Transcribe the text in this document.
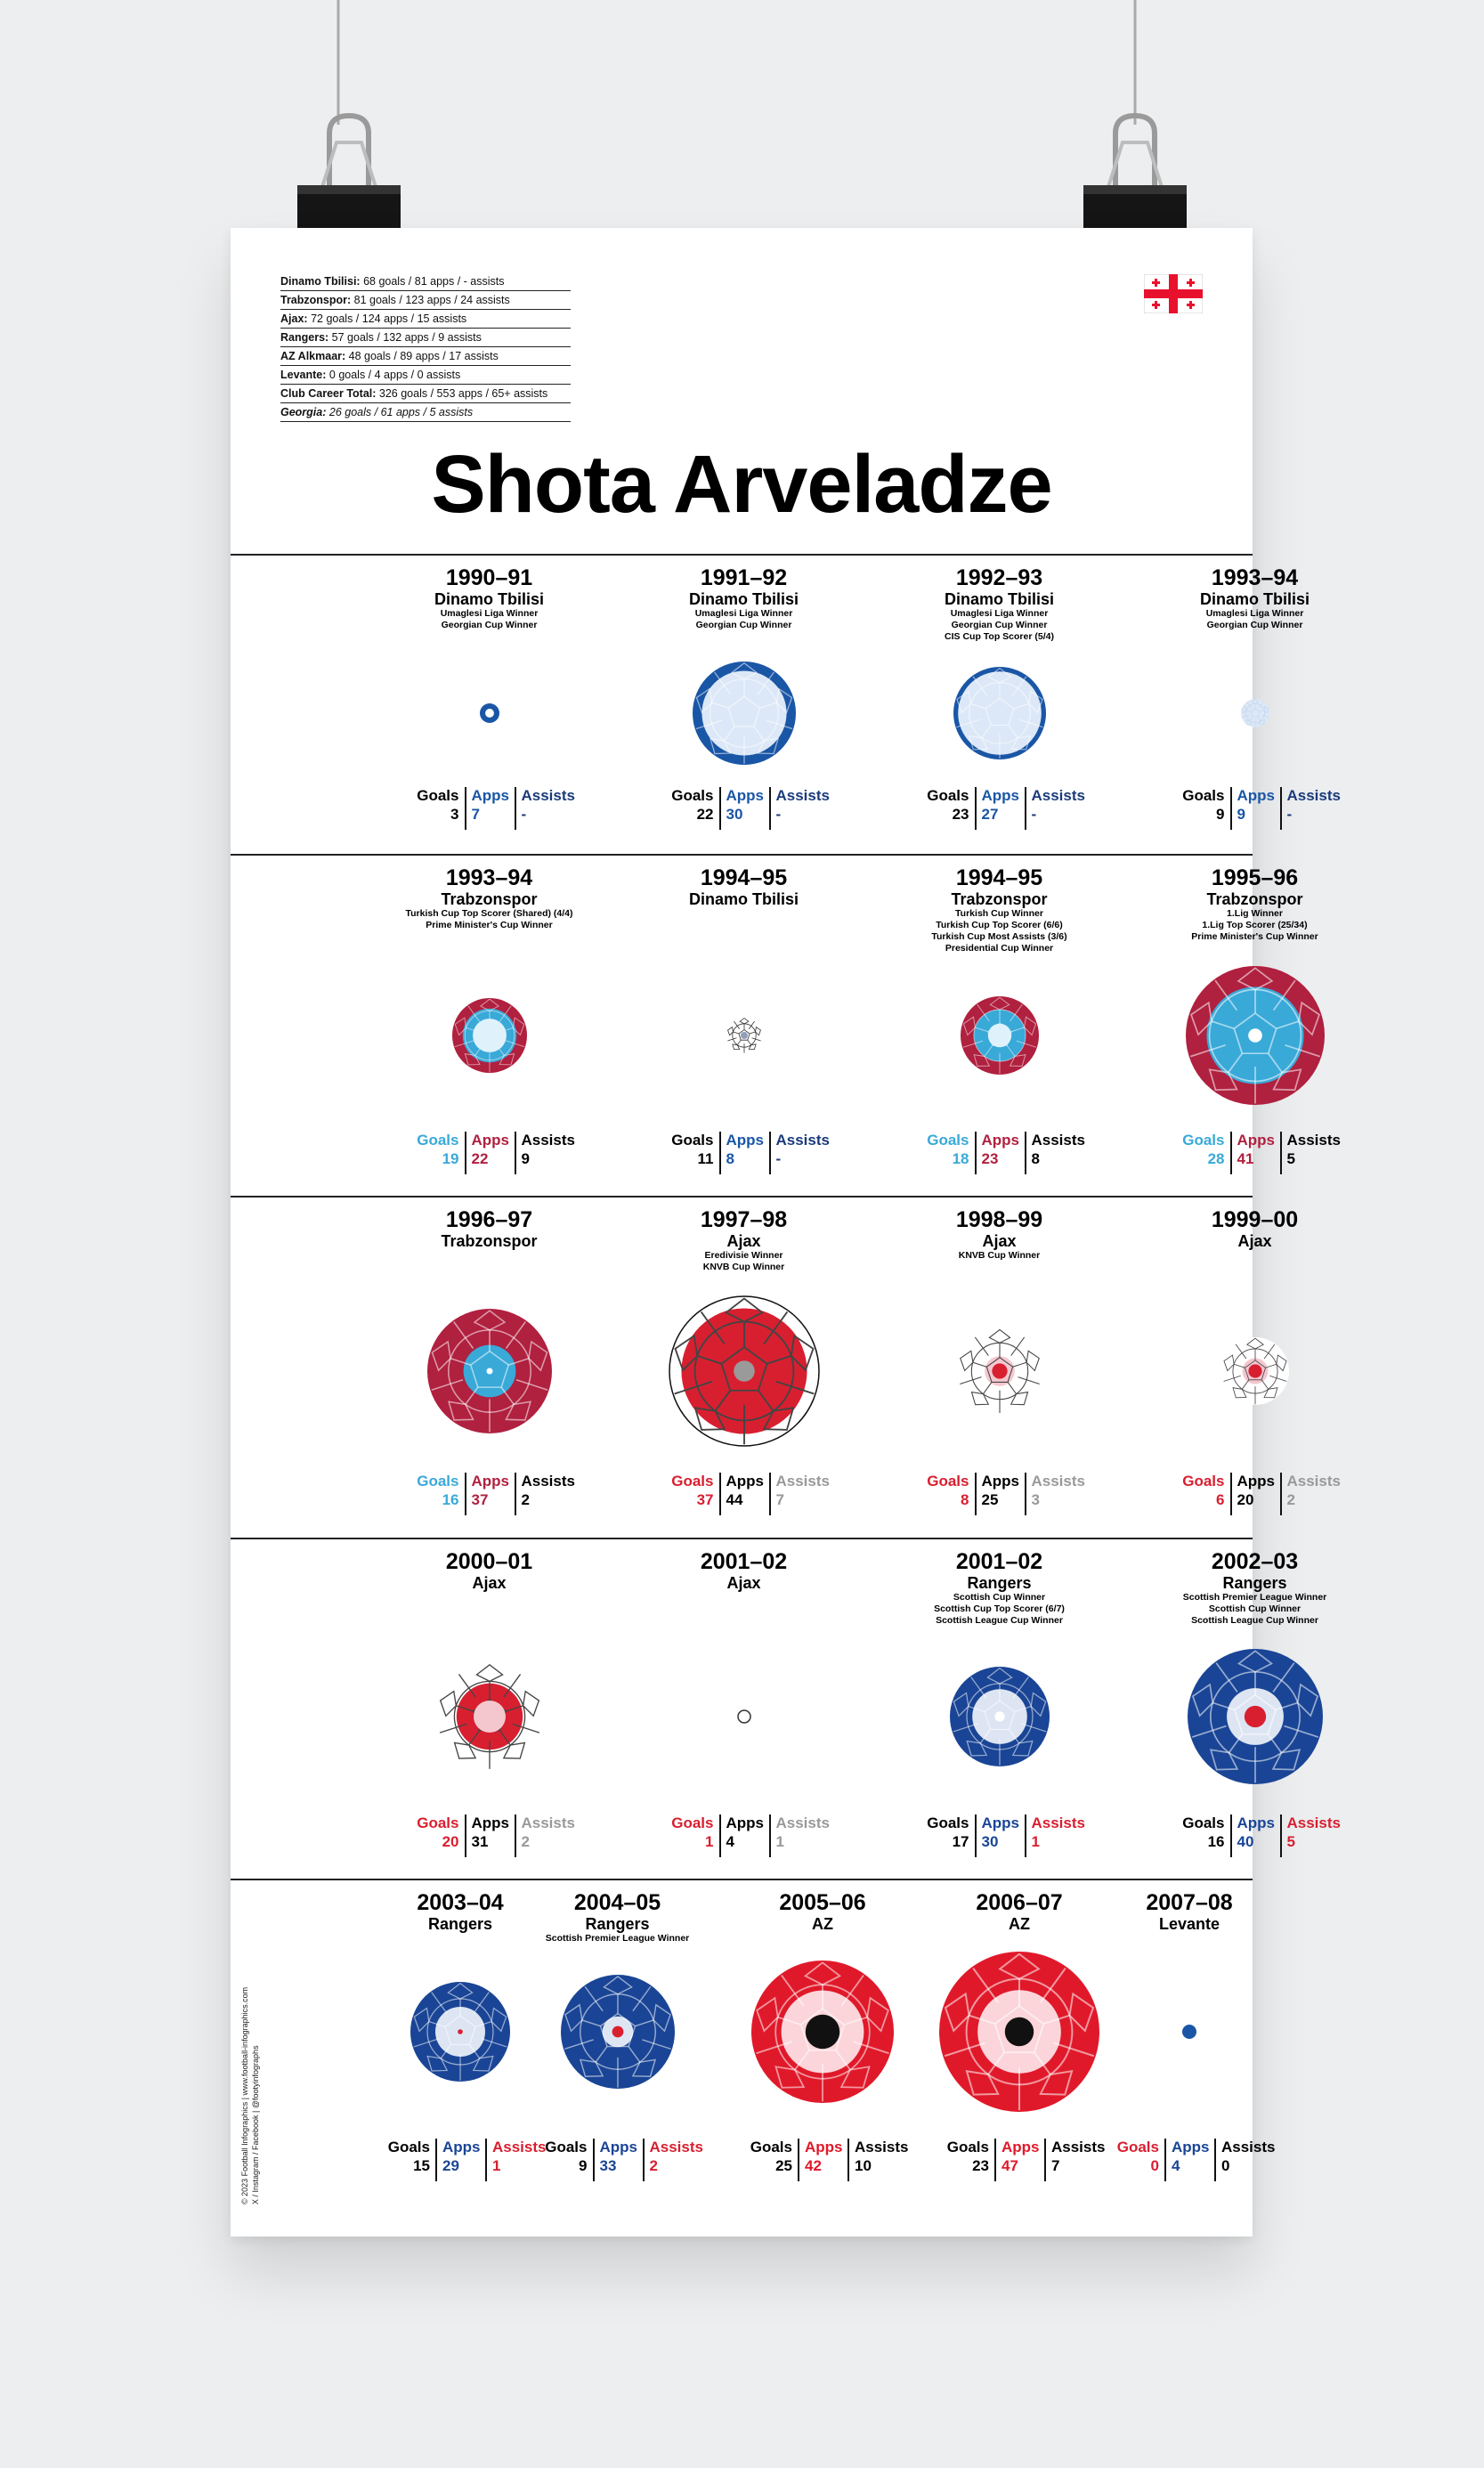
Dinamo Tbilisi: 68 goals / 81 apps / - assists
Trabzonspor: 81 goals / 123 apps / 24 assists
Ajax: 72 goals / 124 apps / 15 assists
Rangers: 57 goals / 132 apps / 9 assists
AZ Alkmaar: 48 goals / 89 apps / 17 assists
Levante: 0 goals / 4 apps / 0 assists
Club Career Total: 326 goals / 553 apps / 65+ assists
Georgia: 26 goals / 61 apps / 5 assists
Shota Arveladze
© 2023 Football Infographics | www.football-infographics.com X / Instagram / Facebook | @footyinfographs
1990–91
Dinamo Tbilisi
Umaglesi Liga Winner
Georgian Cup Winner
Goals
3
Apps
7
Assists
-
1991–92
Dinamo Tbilisi
Umaglesi Liga Winner
Georgian Cup Winner
Goals
22
Apps
30
Assists
-
1992–93
Dinamo Tbilisi
Umaglesi Liga Winner
Georgian Cup Winner
CIS Cup Top Scorer (5/4)
Goals
23
Apps
27
Assists
-
1993–94
Dinamo Tbilisi
Umaglesi Liga Winner
Georgian Cup Winner
Goals
9
Apps
9
Assists
-
1993–94
Trabzonspor
Turkish Cup Top Scorer (Shared) (4/4)
Prime Minister's Cup Winner
Goals
19
Apps
22
Assists
9
1994–95
Dinamo Tbilisi
Goals
11
Apps
8
Assists
-
1994–95
Trabzonspor
Turkish Cup Winner
Turkish Cup Top Scorer (6/6)
Turkish Cup Most Assists (3/6)
Presidential Cup Winner
Goals
18
Apps
23
Assists
8
1995–96
Trabzonspor
1.Lig Winner
1.Lig Top Scorer (25/34)
Prime Minister's Cup Winner
Goals
28
Apps
41
Assists
5
1996–97
Trabzonspor
Goals
16
Apps
37
Assists
2
1997–98
Ajax
Eredivisie Winner
KNVB Cup Winner
Goals
37
Apps
44
Assists
7
1998–99
Ajax
KNVB Cup Winner
Goals
8
Apps
25
Assists
3
1999–00
Ajax
Goals
6
Apps
20
Assists
2
2000–01
Ajax
Goals
20
Apps
31
Assists
2
2001–02
Ajax
Goals
1
Apps
4
Assists
1
2001–02
Rangers
Scottish Cup Winner
Scottish Cup Top Scorer (6/7)
Scottish League Cup Winner
Goals
17
Apps
30
Assists
1
2002–03
Rangers
Scottish Premier League Winner
Scottish Cup Winner
Scottish League Cup Winner
Goals
16
Apps
40
Assists
5
2003–04
Rangers
Goals
15
Apps
29
Assists
1
2004–05
Rangers
Scottish Premier League Winner
Goals
9
Apps
33
Assists
2
2005–06
AZ
Goals
25
Apps
42
Assists
10
2006–07
AZ
Goals
23
Apps
47
Assists
7
2007–08
Levante
Goals
0
Apps
4
Assists
0
